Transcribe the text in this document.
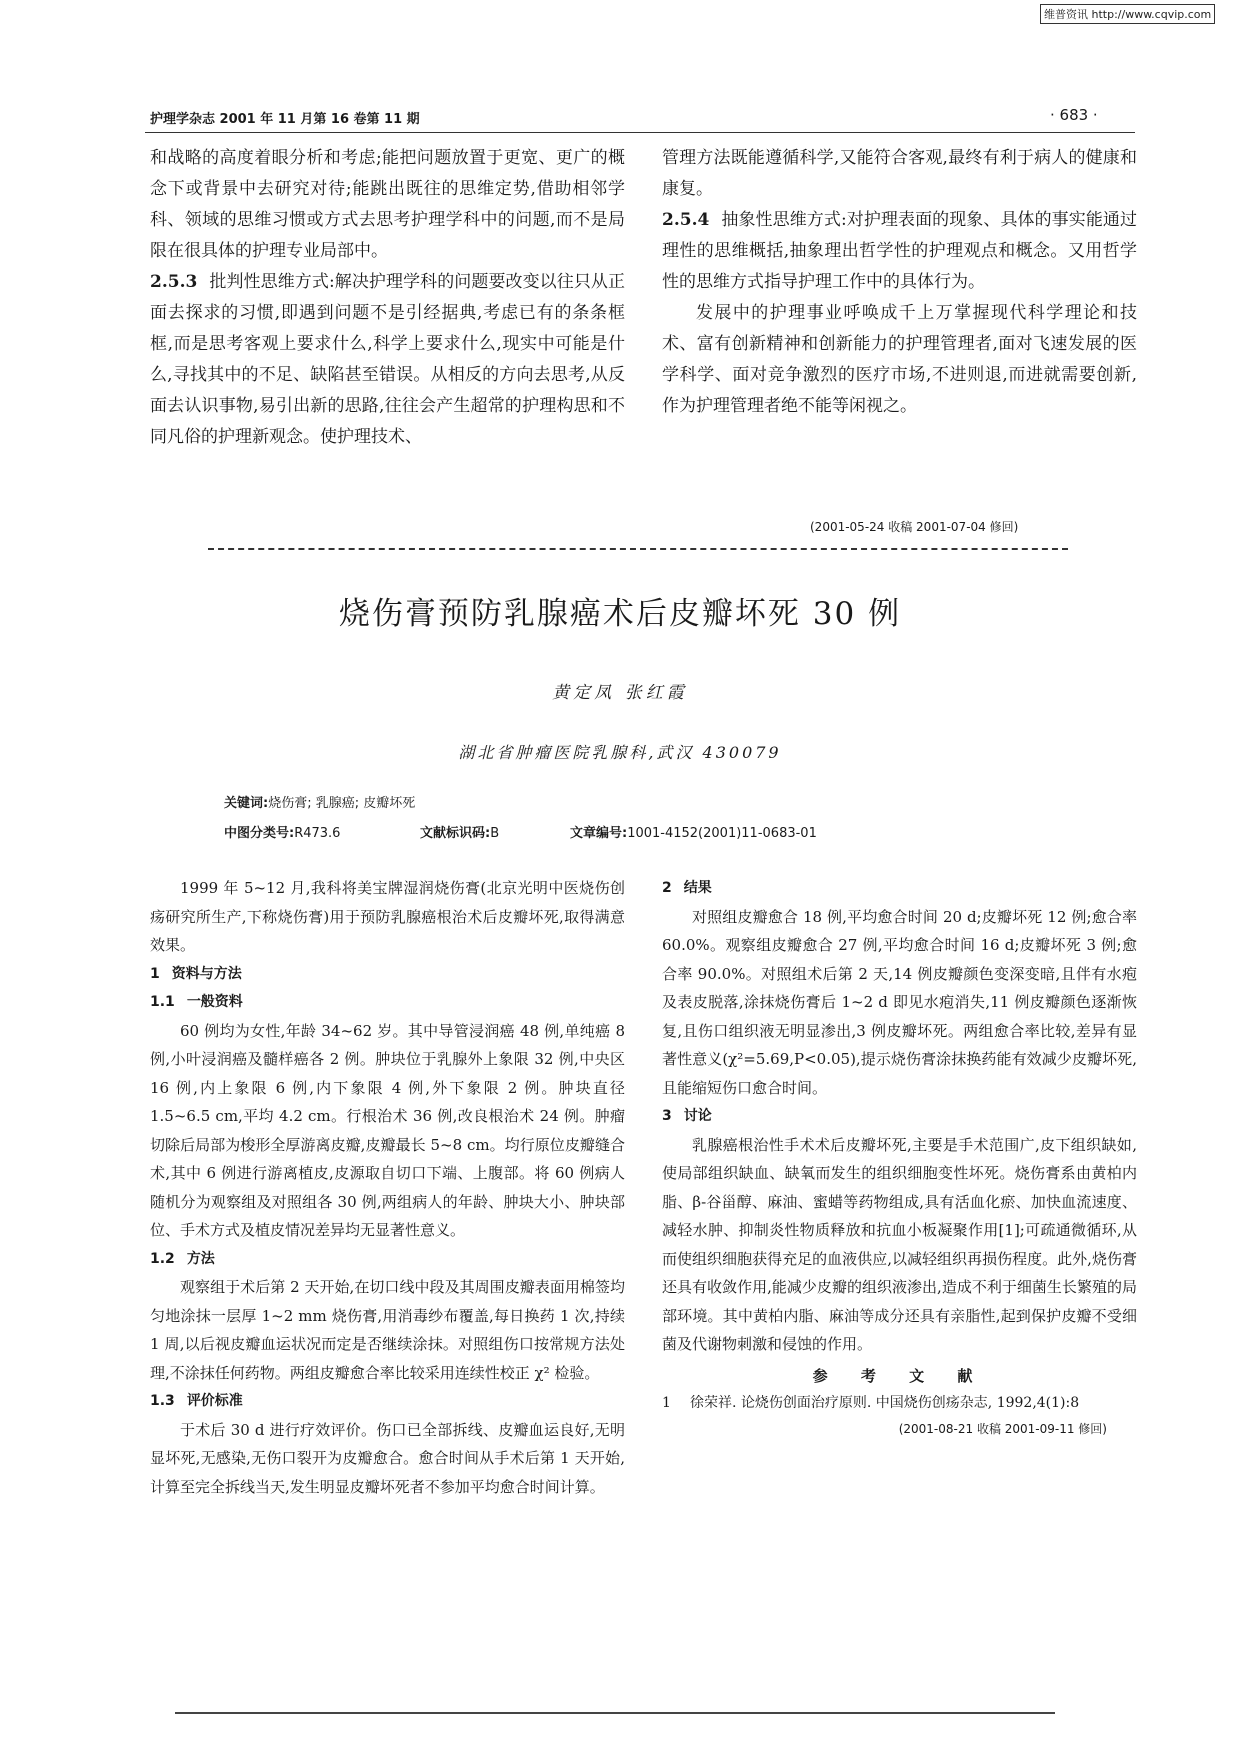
维普资讯 http://www.cqvip.com
护理学杂志 2001 年 11 月第 16 卷第 11 期	· 683 ·

和战略的高度着眼分析和考虑;能把问题放置于更宽、更广的概念下或背景中去研究对待;能跳出既往的思维定势,借助相邻学科、领域的思维习惯或方式去思考护理学科中的问题,而不是局限在很具体的护理专业局部中。

2.5.3 批判性思维方式:解决护理学科的问题要改变以往只从正面去探求的习惯,即遇到问题不是引经据典,考虑已有的条条框框,而是思考客观上要求什么,科学上要求什么,现实中可能是什么,寻找其中的不足、缺陷甚至错误。从相反的方向去思考,从反面去认识事物,易引出新的思路,往往会产生超常的护理构思和不同凡俗的护理新观念。使护理技术、

管理方法既能遵循科学,又能符合客观,最终有利于病人的健康和康复。

2.5.4 抽象性思维方式:对护理表面的现象、具体的事实能通过理性的思维概括,抽象理出哲学性的护理观点和概念。又用哲学性的思维方式指导护理工作中的具体行为。

发展中的护理事业呼唤成千上万掌握现代科学理论和技术、富有创新精神和创新能力的护理管理者,面对飞速发展的医学科学、面对竞争激烈的医疗市场,不进则退,而进就需要创新,作为护理管理者绝不能等闲视之。

(2001-05-24 收稿 2001-07-04 修回)
烧伤膏预防乳腺癌术后皮瓣坏死 30 例
黄定凤 张红霞
湖北省肿瘤医院乳腺科,武汉 430079
关键词:烧伤膏; 乳腺癌; 皮瓣坏死
中图分类号:R473.6	文献标识码:B	文章编号:1001-4152(2001)11-0683-01

1999 年 5~12 月,我科将美宝牌湿润烧伤膏(北京光明中医烧伤创疡研究所生产,下称烧伤膏)用于预防乳腺癌根治术后皮瓣坏死,取得满意效果。

1 资料与方法

1.1 一般资料

60 例均为女性,年龄 34~62 岁。其中导管浸润癌 48 例,单纯癌 8 例,小叶浸润癌及髓样癌各 2 例。肿块位于乳腺外上象限 32 例,中央区 16 例,内上象限 6 例,内下象限 4 例,外下象限 2 例。肿块直径 1.5~6.5 cm,平均 4.2 cm。行根治术 36 例,改良根治术 24 例。肿瘤切除后局部为梭形全厚游离皮瓣,皮瓣最长 5~8 cm。均行原位皮瓣缝合术,其中 6 例进行游离植皮,皮源取自切口下端、上腹部。将 60 例病人随机分为观察组及对照组各 30 例,两组病人的年龄、肿块大小、肿块部位、手术方式及植皮情况差异均无显著性意义。

1.2 方法

观察组于术后第 2 天开始,在切口线中段及其周围皮瓣表面用棉签均匀地涂抹一层厚 1~2 mm 烧伤膏,用消毒纱布覆盖,每日换药 1 次,持续 1 周,以后视皮瓣血运状况而定是否继续涂抹。对照组伤口按常规方法处理,不涂抹任何药物。两组皮瓣愈合率比较采用连续性校正 χ² 检验。

1.3 评价标准

于术后 30 d 进行疗效评价。伤口已全部拆线、皮瓣血运良好,无明显坏死,无感染,无伤口裂开为皮瓣愈合。愈合时间从手术后第 1 天开始,计算至完全拆线当天,发生明显皮瓣坏死者不参加平均愈合时间计算。

2 结果

对照组皮瓣愈合 18 例,平均愈合时间 20 d;皮瓣坏死 12 例;愈合率 60.0%。观察组皮瓣愈合 27 例,平均愈合时间 16 d;皮瓣坏死 3 例;愈合率 90.0%。对照组术后第 2 天,14 例皮瓣颜色变深变暗,且伴有水疱及表皮脱落,涂抹烧伤膏后 1~2 d 即见水疱消失,11 例皮瓣颜色逐渐恢复,且伤口组织液无明显渗出,3 例皮瓣坏死。两组愈合率比较,差异有显著性意义(χ²=5.69,P<0.05),提示烧伤膏涂抹换药能有效减少皮瓣坏死,且能缩短伤口愈合时间。

3 讨论

乳腺癌根治性手术术后皮瓣坏死,主要是手术范围广,皮下组织缺如,使局部组织缺血、缺氧而发生的组织细胞变性坏死。烧伤膏系由黄柏内脂、β-谷甾醇、麻油、蜜蜡等药物组成,具有活血化瘀、加快血流速度、减轻水肿、抑制炎性物质释放和抗血小板凝聚作用[1];可疏通微循环,从而使组织细胞获得充足的血液供应,以减轻组织再损伤程度。此外,烧伤膏还具有收敛作用,能减少皮瓣的组织液渗出,造成不利于细菌生长繁殖的局部环境。其中黄柏内脂、麻油等成分还具有亲脂性,起到保护皮瓣不受细菌及代谢物刺激和侵蚀的作用。

参 考 文 献
1	徐荣祥. 论烧伤创面治疗原则. 中国烧伤创疡杂志, 1992,4(1):8
(2001-08-21 收稿 2001-09-11 修回)
